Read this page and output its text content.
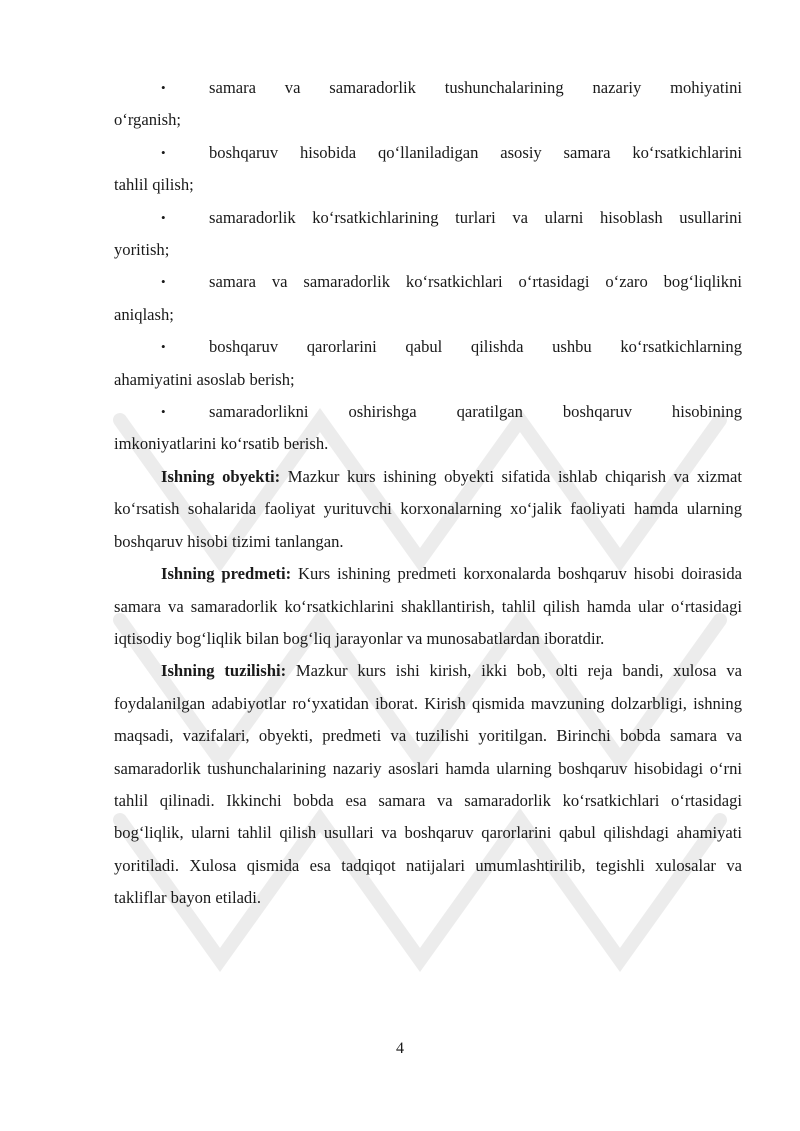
•	samara va samaradorlik tushunchalarining nazariy mohiyatini
o‘rganish;
•	boshqaruv hisobida qo‘llaniladigan asosiy samara ko‘rsatkichlarini
tahlil qilish;
•	samaradorlik ko‘rsatkichlarining turlari va ularni hisoblash usullarini
yoritish;
•	samara va samaradorlik ko‘rsatkichlari o‘rtasidagi o‘zaro bog‘liqlikni
aniqlash;
•	boshqaruv qarorlarini qabul qilishda ushbu ko‘rsatkichlarning
ahamiyatini asoslab berish;
•	samaradorlikni oshirishga qaratilgan boshqaruv hisobining
imkoniyatlarini ko‘rsatib berish.

Ishning obyekti: Mazkur kurs ishining obyekti sifatida ishlab chiqarish va xizmat ko‘rsatish sohalarida faoliyat yurituvchi korxonalarning xo‘jalik faoliyati hamda ularning boshqaruv hisobi tizimi tanlangan.

Ishning predmeti: Kurs ishining predmeti korxonalarda boshqaruv hisobi doirasida samara va samaradorlik ko‘rsatkichlarini shakllantirish, tahlil qilish hamda ular o‘rtasidagi iqtisodiy bog‘liqlik bilan bog‘liq jarayonlar va munosabatlardan iboratdir.

Ishning tuzilishi: Mazkur kurs ishi kirish, ikki bob, olti reja bandi, xulosa va foydalanilgan adabiyotlar ro‘yxatidan iborat. Kirish qismida mavzuning dolzarbligi, ishning maqsadi, vazifalari, obyekti, predmeti va tuzilishi yoritilgan. Birinchi bobda samara va samaradorlik tushunchalarining nazariy asoslari hamda ularning boshqaruv hisobidagi o‘rni tahlil qilinadi. Ikkinchi bobda esa samara va samaradorlik ko‘rsatkichlari o‘rtasidagi bog‘liqlik, ularni tahlil qilish usullari va boshqaruv qarorlarini qabul qilishdagi ahamiyati yoritiladi. Xulosa qismida esa tadqiqot natijalari umumlashtirilib, tegishli xulosalar va takliflar bayon etiladi.

4
